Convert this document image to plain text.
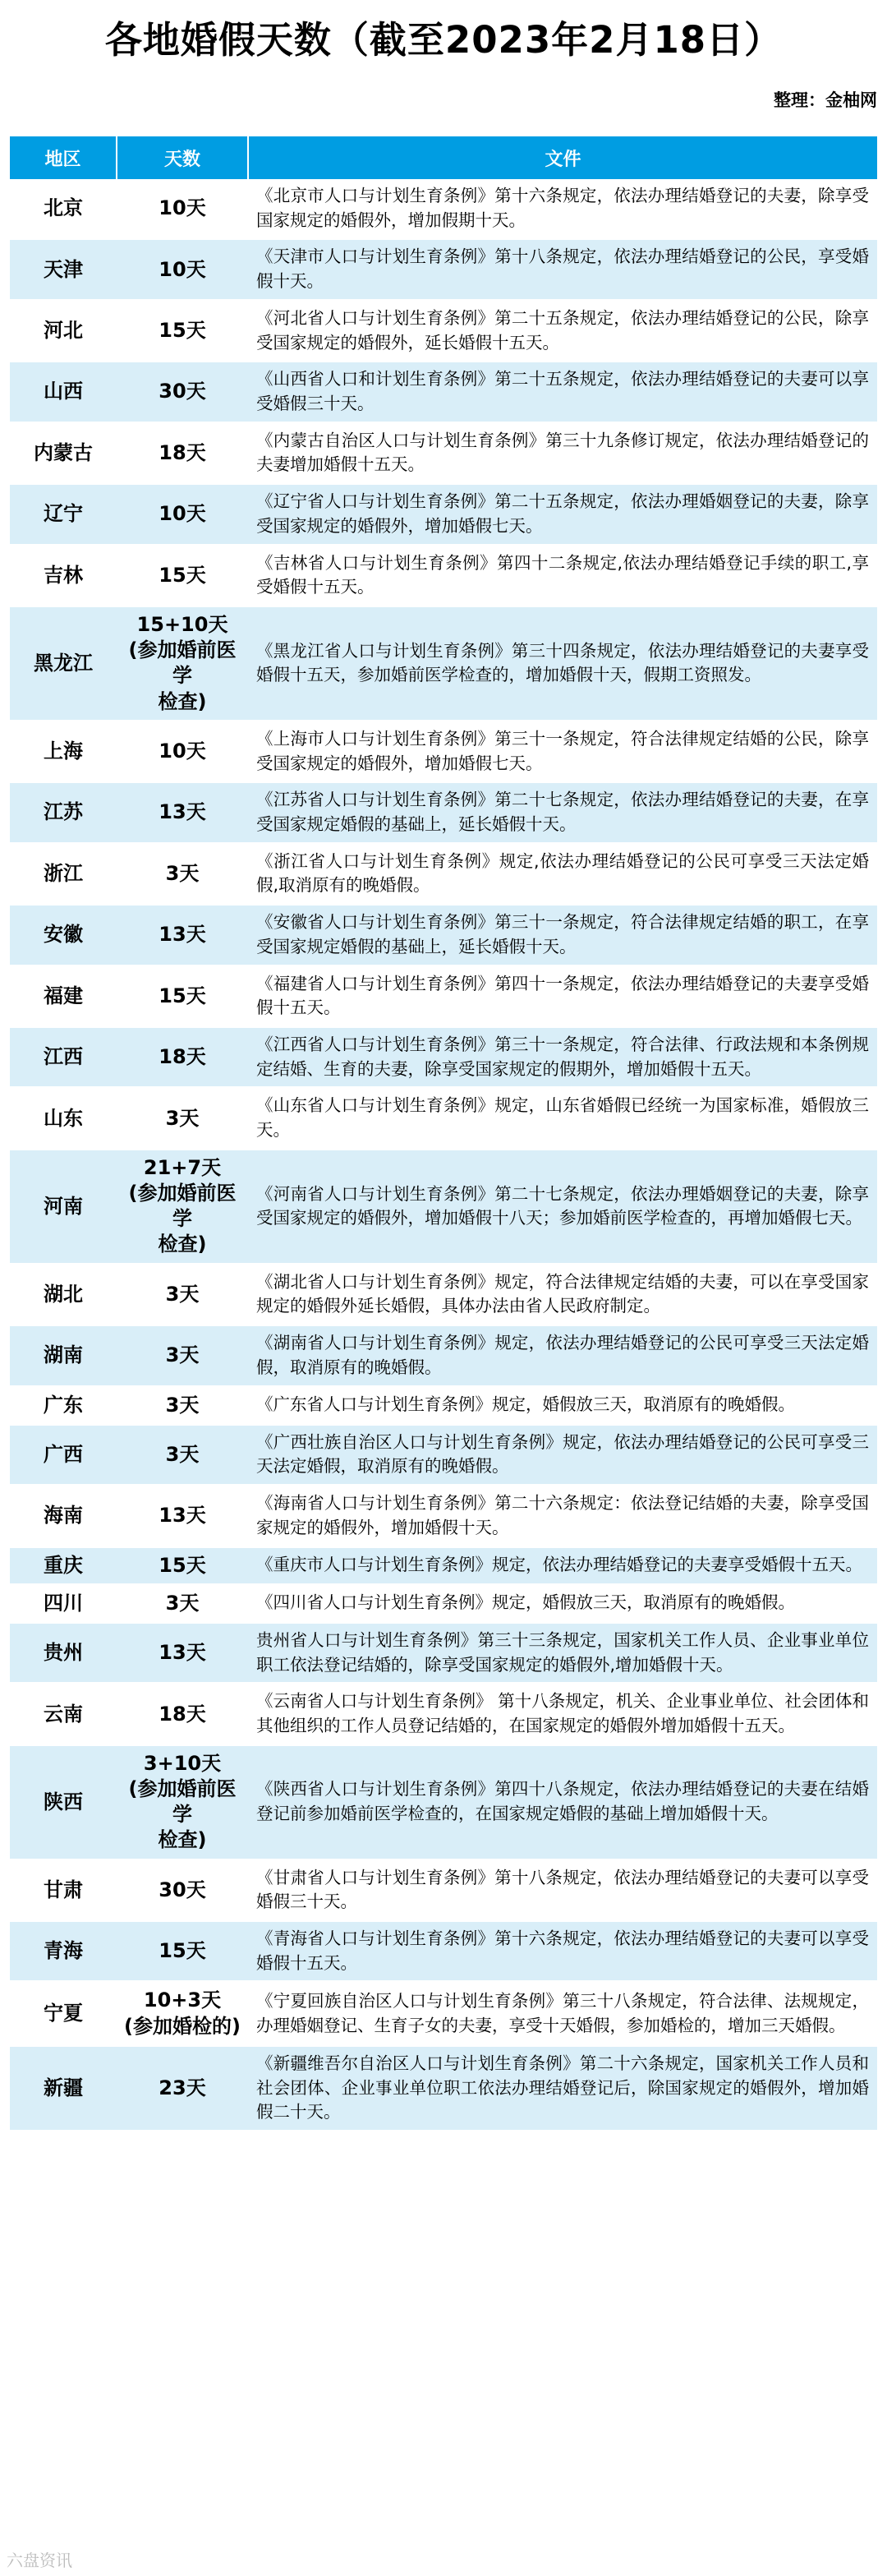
各地婚假天数（截至2023年2月18日）
整理：金柚网
地区	天数	文件
北京	10天	《北京市人口与计划生育条例》第十六条规定，依法办理结婚登记的夫妻，除享受国家规定的婚假外，增加假期十天。
天津	10天	《天津市人口与计划生育条例》第十八条规定，依法办理结婚登记的公民，享受婚假十天。
河北	15天	《河北省人口与计划生育条例》第二十五条规定，依法办理结婚登记的公民，除享受国家规定的婚假外，延长婚假十五天。
山西	30天	《山西省人口和计划生育条例》第二十五条规定，依法办理结婚登记的夫妻可以享受婚假三十天。
内蒙古	18天	《内蒙古自治区人口与计划生育条例》第三十九条修订规定，依法办理结婚登记的夫妻增加婚假十五天。
辽宁	10天	《辽宁省人口与计划生育条例》第二十五条规定，依法办理婚姻登记的夫妻，除享受国家规定的婚假外，增加婚假七天。
吉林	15天	《吉林省人口与计划生育条例》第四十二条规定,依法办理结婚登记手续的职工,享受婚假十五天。
黑龙江	15+10天
(参加婚前医学
检查)	《黑龙江省人口与计划生育条例》第三十四条规定，依法办理结婚登记的夫妻享受婚假十五天，参加婚前医学检查的，增加婚假十天，假期工资照发。
上海	10天	《上海市人口与计划生育条例》第三十一条规定，符合法律规定结婚的公民，除享受国家规定的婚假外，增加婚假七天。
江苏	13天	《江苏省人口与计划生育条例》第二十七条规定，依法办理结婚登记的夫妻，在享受国家规定婚假的基础上，延长婚假十天。
浙江	3天	《浙江省人口与计划生育条例》规定,依法办理结婚登记的公民可享受三天法定婚假,取消原有的晚婚假。
安徽	13天	《安徽省人口与计划生育条例》第三十一条规定，符合法律规定结婚的职工，在享受国家规定婚假的基础上，延长婚假十天。
福建	15天	《福建省人口与计划生育条例》第四十一条规定，依法办理结婚登记的夫妻享受婚假十五天。
江西	18天	《江西省人口与计划生育条例》第三十一条规定，符合法律、行政法规和本条例规定结婚、生育的夫妻，除享受国家规定的假期外，增加婚假十五天。
山东	3天	《山东省人口与计划生育条例》规定，山东省婚假已经统一为国家标准，婚假放三天。
河南	21+7天
(参加婚前医学
检查)	《河南省人口与计划生育条例》第二十七条规定，依法办理婚姻登记的夫妻，除享受国家规定的婚假外，增加婚假十八天；参加婚前医学检查的，再增加婚假七天。
湖北	3天	《湖北省人口与计划生育条例》规定，符合法律规定结婚的夫妻，可以在享受国家规定的婚假外延长婚假，具体办法由省人民政府制定。
湖南	3天	《湖南省人口与计划生育条例》规定，依法办理结婚登记的公民可享受三天法定婚假，取消原有的晚婚假。
广东	3天	《广东省人口与计划生育条例》规定，婚假放三天，取消原有的晚婚假。
广西	3天	《广西壮族自治区人口与计划生育条例》规定，依法办理结婚登记的公民可享受三天法定婚假，取消原有的晚婚假。
海南	13天	《海南省人口与计划生育条例》第二十六条规定：依法登记结婚的夫妻，除享受国家规定的婚假外，增加婚假十天。
重庆	15天	《重庆市人口与计划生育条例》规定，依法办理结婚登记的夫妻享受婚假十五天。
四川	3天	《四川省人口与计划生育条例》规定，婚假放三天，取消原有的晚婚假。
贵州	13天	贵州省人口与计划生育条例》第三十三条规定，国家机关工作人员、企业事业单位职工依法登记结婚的，除享受国家规定的婚假外,增加婚假十天。
云南	18天	《云南省人口与计划生育条例》 第十八条规定，机关、企业事业单位、社会团体和其他组织的工作人员登记结婚的，在国家规定的婚假外增加婚假十五天。
陕西	3+10天
(参加婚前医学
检查)	《陕西省人口与计划生育条例》第四十八条规定，依法办理结婚登记的夫妻在结婚登记前参加婚前医学检查的，在国家规定婚假的基础上增加婚假十天。
甘肃	30天	《甘肃省人口与计划生育条例》第十八条规定，依法办理结婚登记的夫妻可以享受婚假三十天。
青海	15天	《青海省人口与计划生育条例》第十六条规定，依法办理结婚登记的夫妻可以享受婚假十五天。
宁夏	10+3天
(参加婚检的)	《宁夏回族自治区人口与计划生育条例》第三十八条规定，符合法律、法规规定，办理婚姻登记、生育子女的夫妻，享受十天婚假，参加婚检的，增加三天婚假。
新疆	23天	《新疆维吾尔自治区人口与计划生育条例》第二十六条规定，国家机关工作人员和社会团体、企业事业单位职工依法办理结婚登记后，除国家规定的婚假外，增加婚假二十天。
六盘资讯
